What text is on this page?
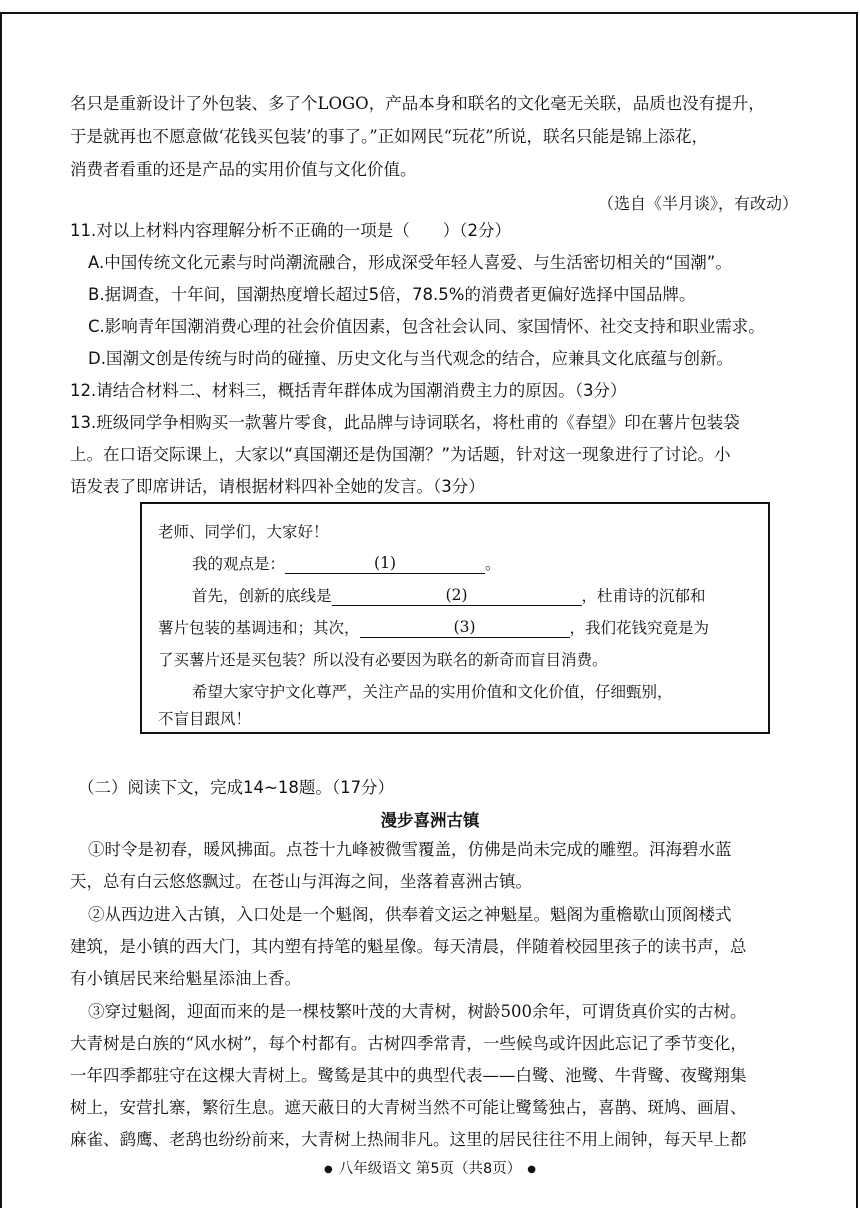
名只是重新设计了外包装、多了个LOGO，产品本身和联名的文化毫无关联，品质也没有提升，
于是就再也不愿意做‘花钱买包装’的事了。”正如网民“玩花”所说，联名只能是锦上添花，
消费者看重的还是产品的实用价值与文化价值。
（选自《半月谈》，有改动）
11.对以上材料内容理解分析不正确的一项是（　　）（2分）
A.中国传统文化元素与时尚潮流融合，形成深受年轻人喜爱、与生活密切相关的“国潮”。
B.据调查，十年间，国潮热度增长超过5倍，78.5%的消费者更偏好选择中国品牌。
C.影响青年国潮消费心理的社会价值因素，包含社会认同、家国情怀、社交支持和职业需求。
D.国潮文创是传统与时尚的碰撞、历史文化与当代观念的结合，应兼具文化底蕴与创新。
12.请结合材料二、材料三，概括青年群体成为国潮消费主力的原因。（3分）
13.班级同学争相购买一款薯片零食，此品牌与诗词联名，将杜甫的《春望》印在薯片包装袋
上。在口语交际课上，大家以“真国潮还是伪国潮？”为话题，针对这一现象进行了讨论。小
语发表了即席讲话，请根据材料四补全她的发言。（3分）
老师、同学们，大家好！
我的观点是：	(1)	。
首先，创新的底线是	(2)	，杜甫诗的沉郁和
薯片包装的基调违和；其次，	(3)	，我们花钱究竟是为
了买薯片还是买包装？所以没有必要因为联名的新奇而盲目消费。
希望大家守护文化尊严，关注产品的实用价值和文化价值，仔细甄别，
不盲目跟风！
（二）阅读下文，完成14~18题。（17分）
漫步喜洲古镇
①时令是初春，暖风拂面。点苍十九峰被微雪覆盖，仿佛是尚未完成的雕塑。洱海碧水蓝
天，总有白云悠悠飘过。在苍山与洱海之间，坐落着喜洲古镇。
②从西边进入古镇，入口处是一个魁阁，供奉着文运之神魁星。魁阁为重檐歇山顶阁楼式
建筑，是小镇的西大门，其内塑有持笔的魁星像。每天清晨，伴随着校园里孩子的读书声，总
有小镇居民来给魁星添油上香。
③穿过魁阁，迎面而来的是一棵枝繁叶茂的大青树，树龄500余年，可谓货真价实的古树。
大青树是白族的“风水树”，每个村都有。古树四季常青，一些候鸟或许因此忘记了季节变化，
一年四季都驻守在这棵大青树上。鹭鸶是其中的典型代表——白鹭、池鹭、牛背鹭、夜鹭翔集
树上，安营扎寨，繁衍生息。遮天蔽日的大青树当然不可能让鹭鸶独占，喜鹊、斑鸠、画眉、
麻雀、鹞鹰、老鸹也纷纷前来，大青树上热闹非凡。这里的居民往往不用上闹钟，每天早上都
● 八年级语文 第5页（共8页） ●
